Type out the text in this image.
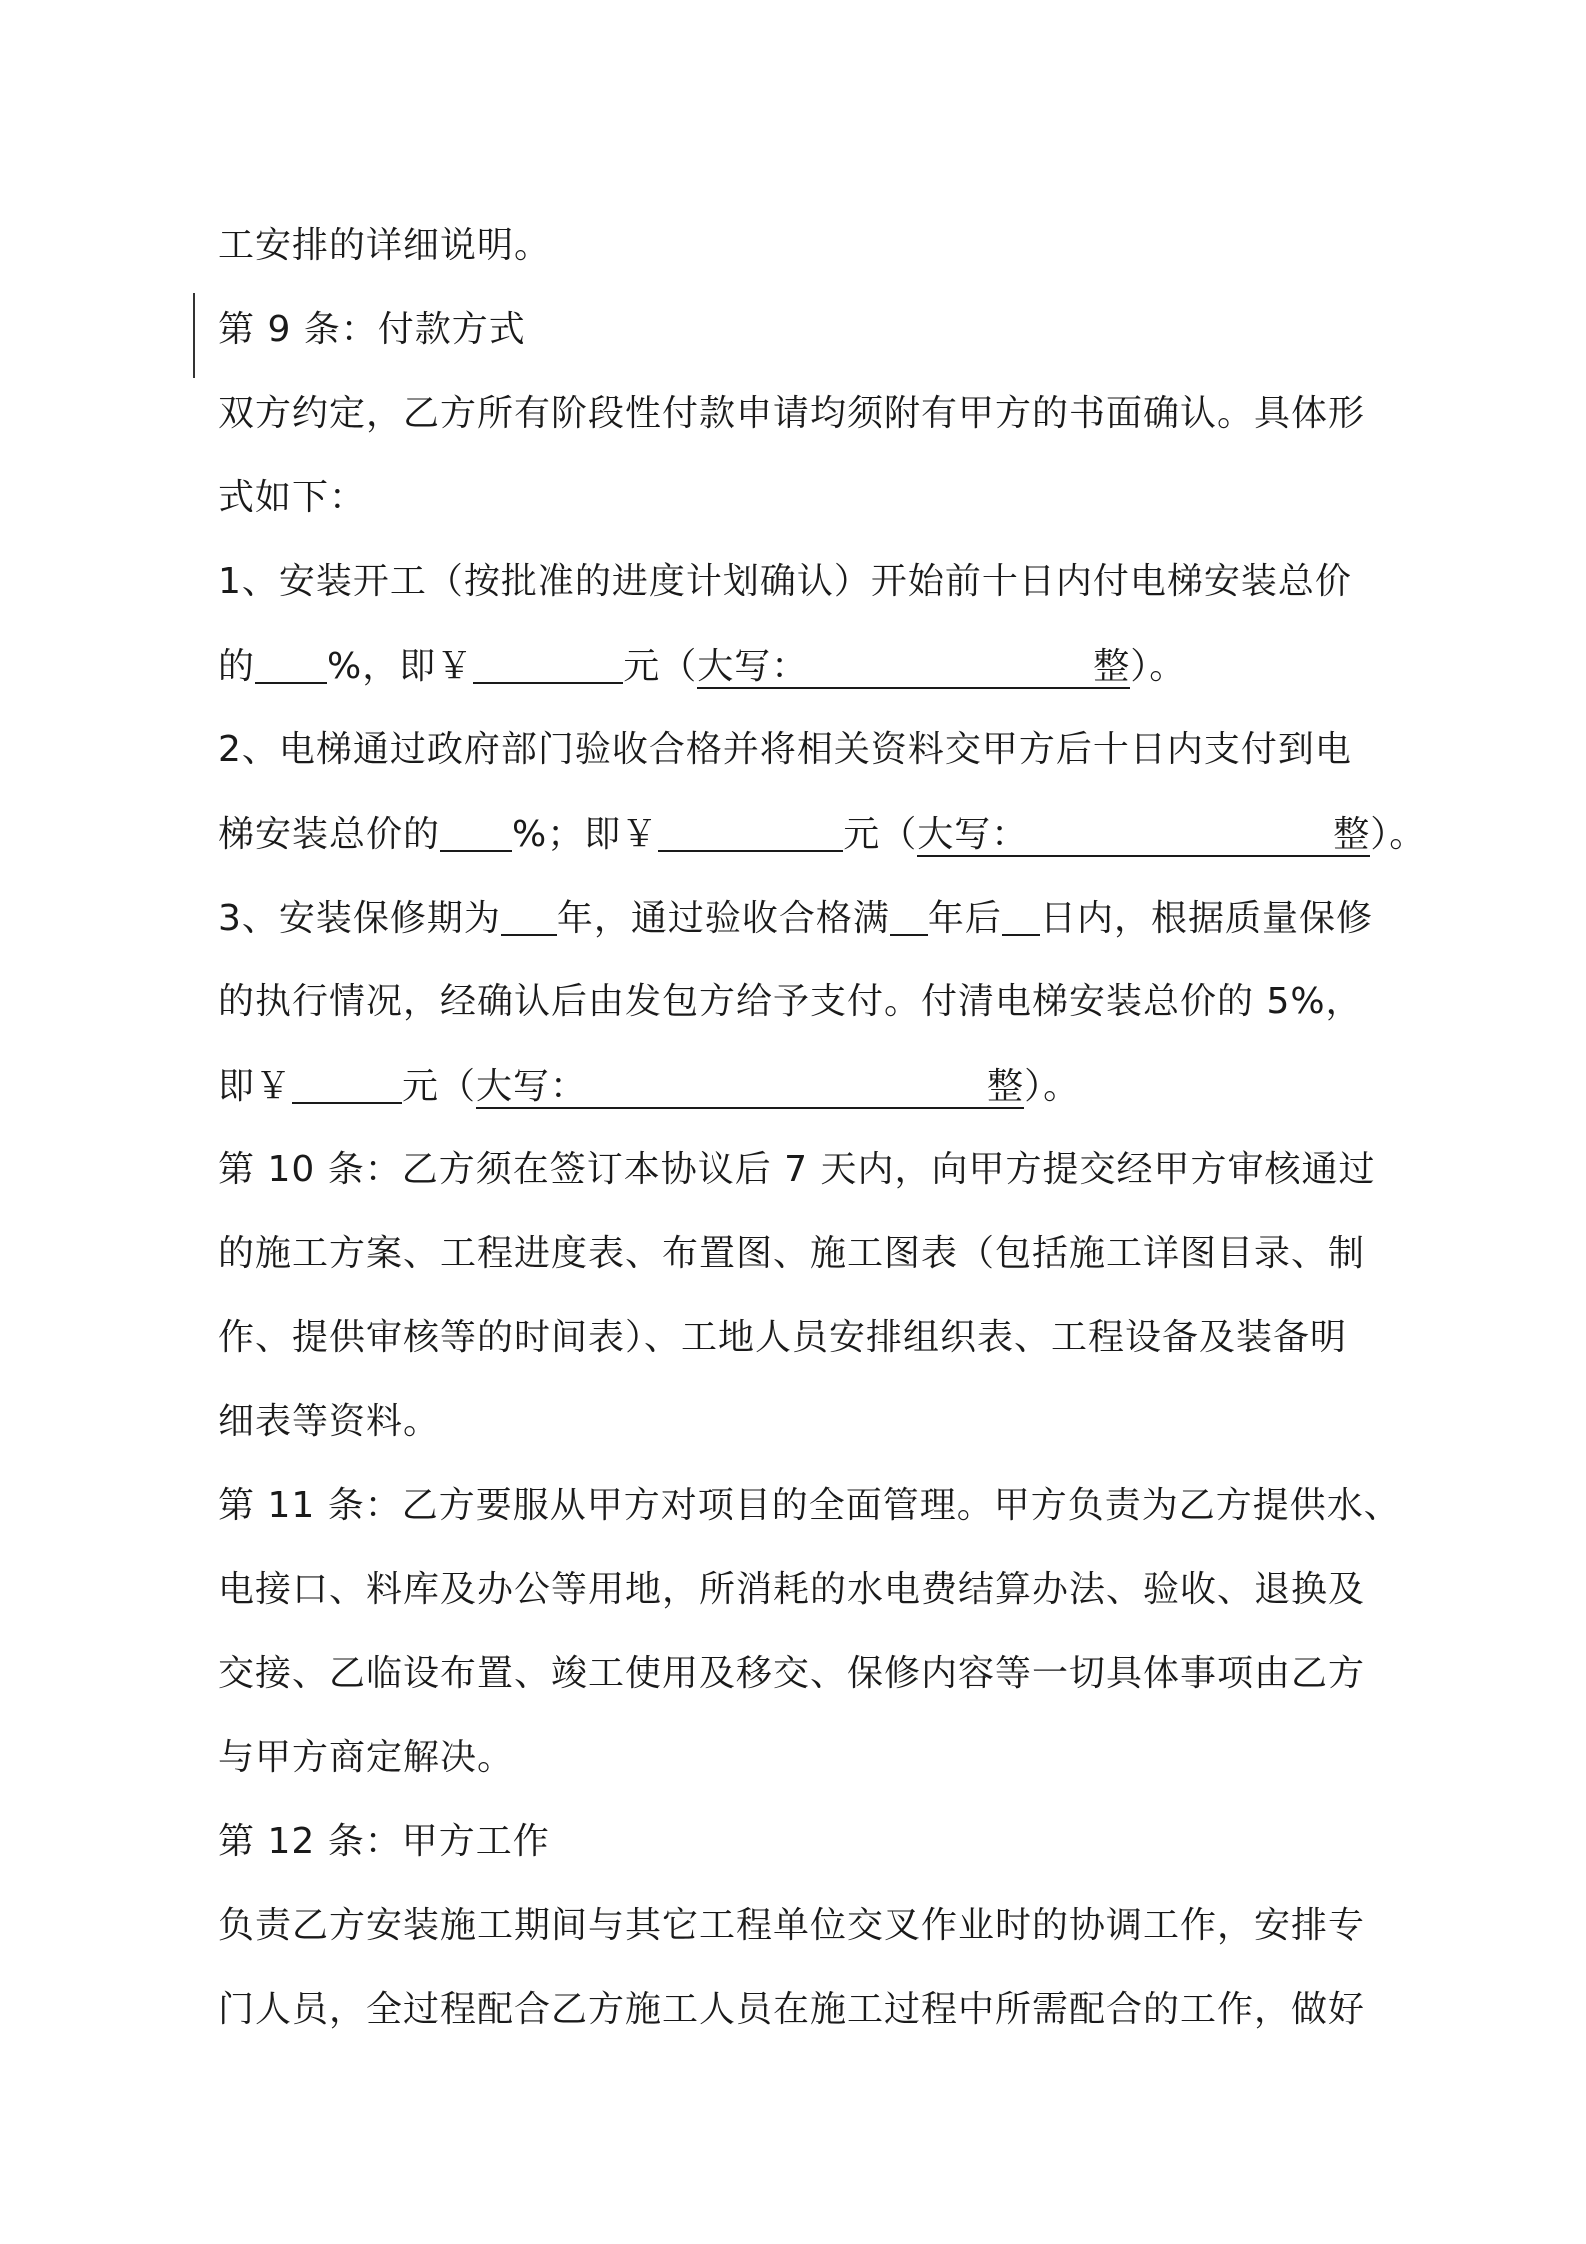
工安排的详细说明。
第 9 条：付款方式
双方约定，乙方所有阶段性付款申请均须附有甲方的书面确认。具体形
式如下：
1、安装开工（按批准的进度计划确认）开始前十日内付电梯安装总价
的 %，即￥	元（大写：	整）。
2、电梯通过政府部门验收合格并将相关资料交甲方后十日内支付到电
梯安装总价的 %；即￥	元（大写：	整）。
3、安装保修期为 年，通过验收合格满 年后 日内，根据质量保修
的执行情况，经确认后由发包方给予支付。付清电梯安装总价的 5%，
即￥	元（大写：	整）。
第 10 条：乙方须在签订本协议后 7 天内，向甲方提交经甲方审核通过
的施工方案、工程进度表、布置图、施工图表（包括施工详图目录、制
作、提供审核等的时间表）、工地人员安排组织表、工程设备及装备明
细表等资料。
第 11 条：乙方要服从甲方对项目的全面管理。甲方负责为乙方提供水、
电接口、料库及办公等用地，所消耗的水电费结算办法、验收、退换及
交接、乙临设布置、竣工使用及移交、保修内容等一切具体事项由乙方
与甲方商定解决。
第 12 条：甲方工作
负责乙方安装施工期间与其它工程单位交叉作业时的协调工作，安排专
门人员，全过程配合乙方施工人员在施工过程中所需配合的工作，做好
